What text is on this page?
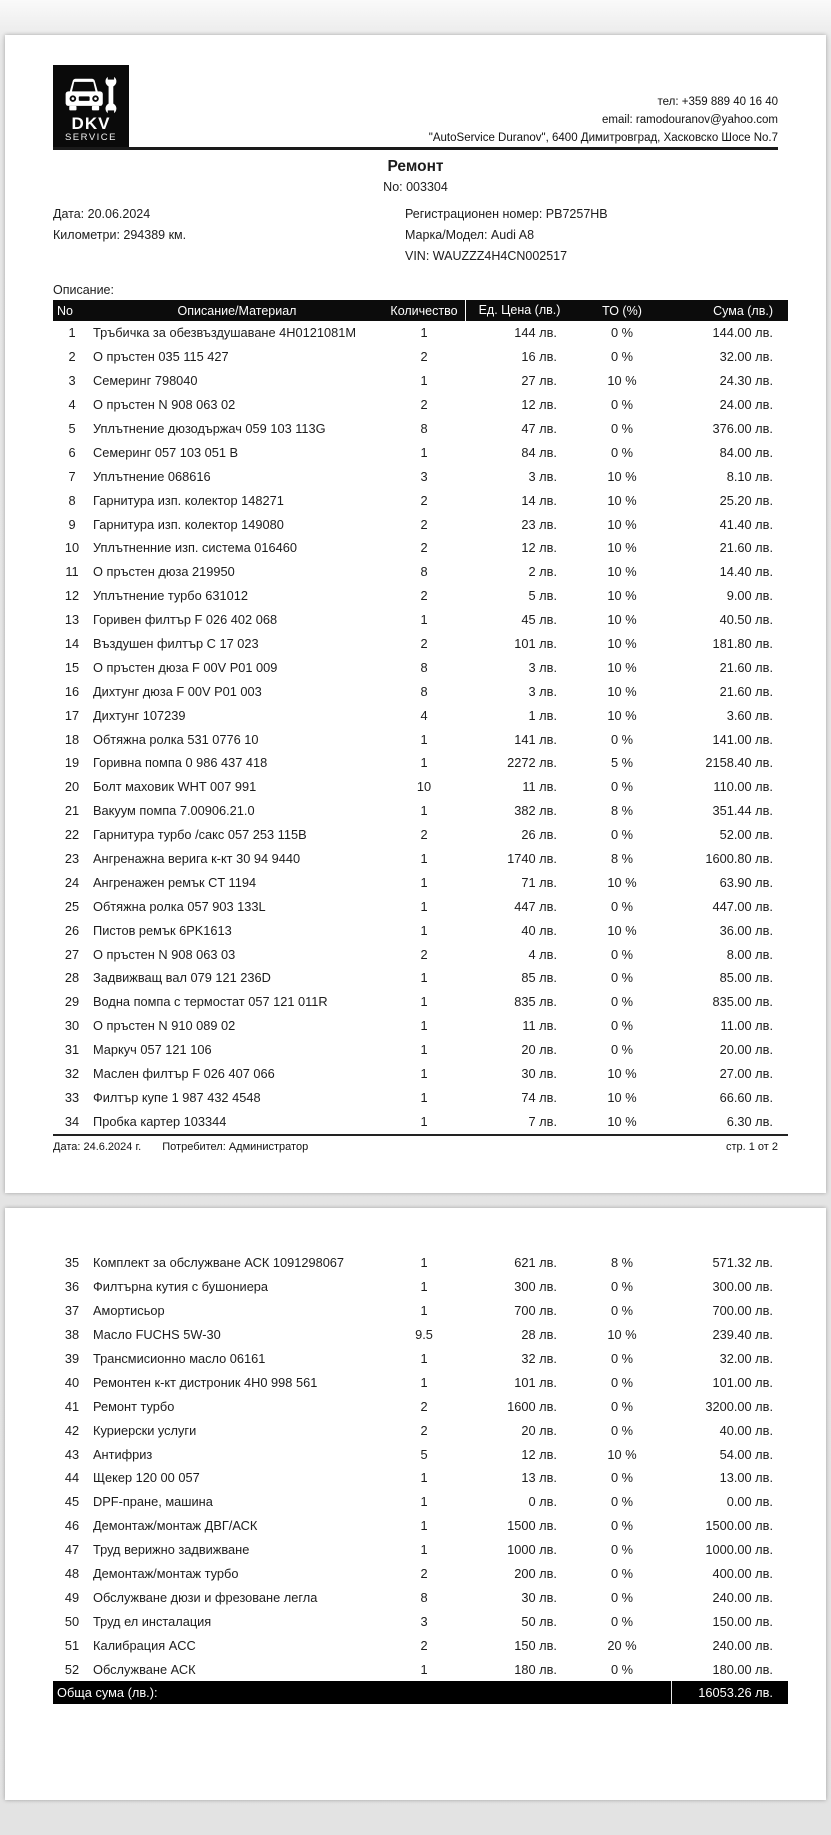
DKV
SERVICE
тел: +359 889 40 16 40
email: ramodouranov@yahoo.com
"AutoService Duranov", 6400 Димитровград, Хасковско Шосе No.7
Ремонт
No: 003304
Дата: 20.06.2024
Километри: 294389 км.
Регистрационен номер: PB7257HB
Марка/Модел: Audi A8
VIN: WAUZZZ4H4CN002517
Описание:
No	Описание/Материал	Количество	Ед. Цена (лв.)	ТО (%)	Сума (лв.)
1	Тръбичка за обезвъздушаване 4H0121081M	1	144 лв.	0 %	144.00 лв.
2	О пръстен 035 115 427	2	16 лв.	0 %	32.00 лв.
3	Семеринг 798040	1	27 лв.	10 %	24.30 лв.
4	О пръстен N 908 063 02	2	12 лв.	0 %	24.00 лв.
5	Уплътнение дюзодържач 059 103 113G	8	47 лв.	0 %	376.00 лв.
6	Семеринг 057 103 051 B	1	84 лв.	0 %	84.00 лв.
7	Уплътнение 068616	3	3 лв.	10 %	8.10 лв.
8	Гарнитура изп. колектор 148271	2	14 лв.	10 %	25.20 лв.
9	Гарнитура изп. колектор 149080	2	23 лв.	10 %	41.40 лв.
10	Уплътненние изп. система 016460	2	12 лв.	10 %	21.60 лв.
11	О пръстен дюза 219950	8	2 лв.	10 %	14.40 лв.
12	Уплътнение турбо 631012	2	5 лв.	10 %	9.00 лв.
13	Горивен филтър F 026 402 068	1	45 лв.	10 %	40.50 лв.
14	Въздушен филтър C 17 023	2	101 лв.	10 %	181.80 лв.
15	О пръстен дюза F 00V P01 009	8	3 лв.	10 %	21.60 лв.
16	Дихтунг дюза F 00V P01 003	8	3 лв.	10 %	21.60 лв.
17	Дихтунг 107239	4	1 лв.	10 %	3.60 лв.
18	Обтяжна ролка 531 0776 10	1	141 лв.	0 %	141.00 лв.
19	Горивна помпа 0 986 437 418	1	2272 лв.	5 %	2158.40 лв.
20	Болт маховик WHT 007 991	10	11 лв.	0 %	110.00 лв.
21	Вакуум помпа 7.00906.21.0	1	382 лв.	8 %	351.44 лв.
22	Гарнитура турбо /сакс 057 253 115B	2	26 лв.	0 %	52.00 лв.
23	Ангренажна верига к-кт 30 94 9440	1	1740 лв.	8 %	1600.80 лв.
24	Ангренажен ремък CT 1194	1	71 лв.	10 %	63.90 лв.
25	Обтяжна ролка 057 903 133L	1	447 лв.	0 %	447.00 лв.
26	Пистов ремък 6PK1613	1	40 лв.	10 %	36.00 лв.
27	О пръстен N 908 063 03	2	4 лв.	0 %	8.00 лв.
28	Задвижващ вал 079 121 236D	1	85 лв.	0 %	85.00 лв.
29	Водна помпа с термостат 057 121 011R	1	835 лв.	0 %	835.00 лв.
30	О пръстен N 910 089 02	1	11 лв.	0 %	11.00 лв.
31	Маркуч 057 121 106	1	20 лв.	0 %	20.00 лв.
32	Маслен филтър F 026 407 066	1	30 лв.	10 %	27.00 лв.
33	Филтър купе 1 987 432 4548	1	74 лв.	10 %	66.60 лв.
34	Пробка картер 103344	1	7 лв.	10 %	6.30 лв.
Дата: 24.6.2024 г. Потребител: Администратор	стр. 1 от 2
35	Комплект за обслужване АСК 1091298067	1	621 лв.	8 %	571.32 лв.
36	Филтърна кутия с бушониера	1	300 лв.	0 %	300.00 лв.
37	Амортисьор	1	700 лв.	0 %	700.00 лв.
38	Масло FUCHS 5W-30	9.5	28 лв.	10 %	239.40 лв.
39	Трансмисионно масло 06161	1	32 лв.	0 %	32.00 лв.
40	Ремонтен к-кт дистроник 4H0 998 561	1	101 лв.	0 %	101.00 лв.
41	Ремонт турбо	2	1600 лв.	0 %	3200.00 лв.
42	Куриерски услуги	2	20 лв.	0 %	40.00 лв.
43	Антифриз	5	12 лв.	10 %	54.00 лв.
44	Щекер 120 00 057	1	13 лв.	0 %	13.00 лв.
45	DPF-пране, машина	1	0 лв.	0 %	0.00 лв.
46	Демонтаж/монтаж ДВГ/АСК	1	1500 лв.	0 %	1500.00 лв.
47	Труд верижно задвижване	1	1000 лв.	0 %	1000.00 лв.
48	Демонтаж/монтаж турбо	2	200 лв.	0 %	400.00 лв.
49	Обслужване дюзи и фрезоване легла	8	30 лв.	0 %	240.00 лв.
50	Труд ел инсталация	3	50 лв.	0 %	150.00 лв.
51	Калибрация ACC	2	150 лв.	20 %	240.00 лв.
52	Обслужване АСК	1	180 лв.	0 %	180.00 лв.
Обща сума (лв.):	16053.26 лв.
